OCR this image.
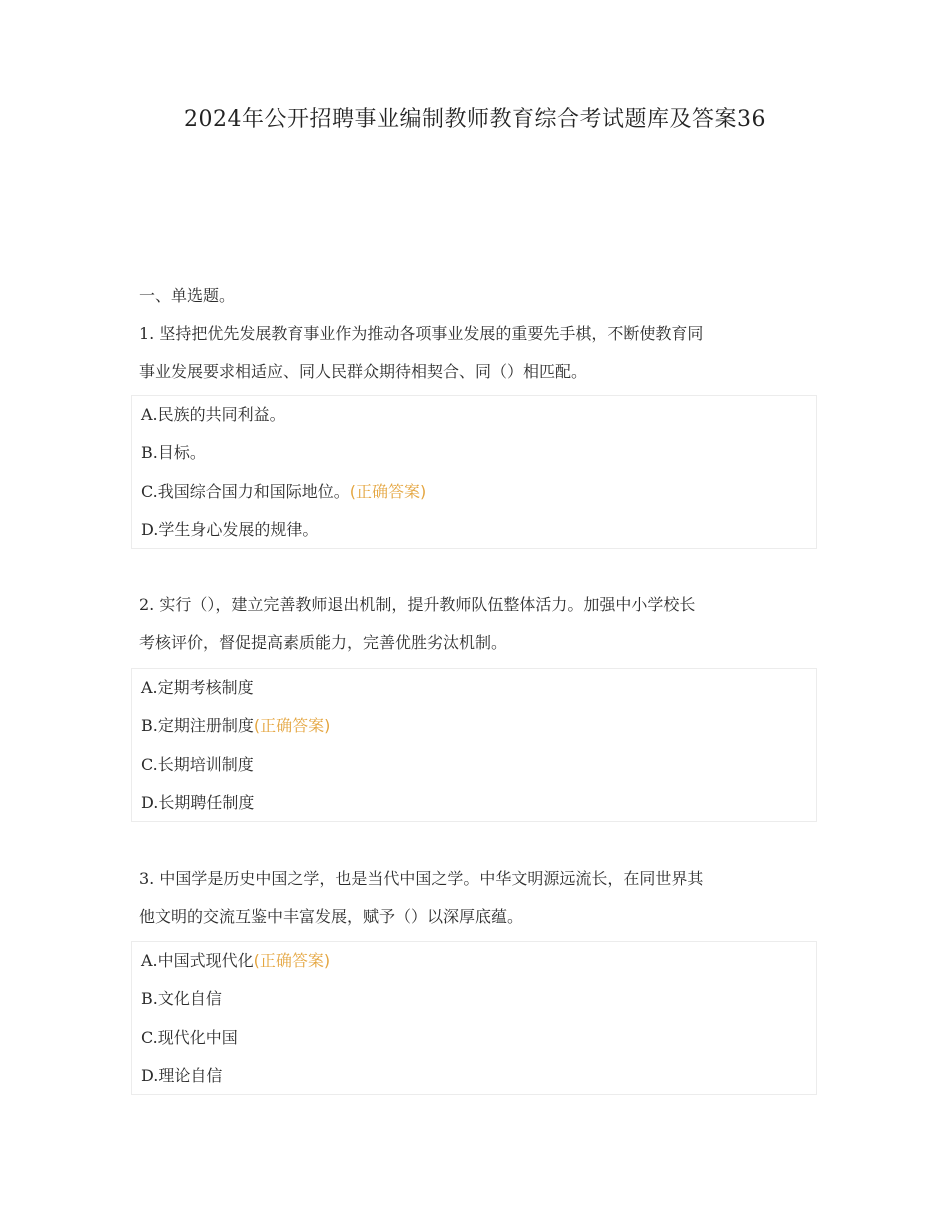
2024年公开招聘事业编制教师教育综合考试题库及答案36
一、单选题。

1. 坚持把优先发展教育事业作为推动各项事业发展的重要先手棋，不断使教育同
事业发展要求相适应、同人民群众期待相契合、同（）相匹配。

A.民族的共同利益。
B.目标。
C.我国综合国力和国际地位。(正确答案)
D.学生身心发展的规律。

2. 实行（），建立完善教师退出机制，提升教师队伍整体活力。加强中小学校长
考核评价，督促提高素质能力，完善优胜劣汰机制。

A.定期考核制度
B.定期注册制度(正确答案)
C.长期培训制度
D.长期聘任制度

3. 中国学是历史中国之学，也是当代中国之学。中华文明源远流长，在同世界其
他文明的交流互鉴中丰富发展，赋予（）以深厚底蕴。

A.中国式现代化(正确答案)
B.文化自信
C.现代化中国
D.理论自信
